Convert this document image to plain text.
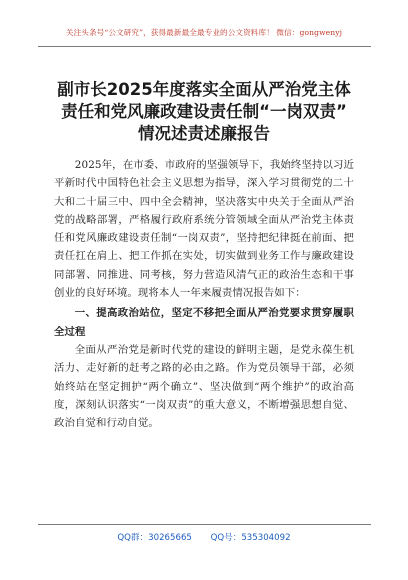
关注头条号“公文研究”，获得最新最全最专业的公文资料库！ 微信：gongwenyj
副市长2025年度落实全面从严治党主体
责任和党风廉政建设责任制“一岗双责”
情况述责述廉报告

2025年，在市委、市政府的坚强领导下，我始终坚持以习近平新时代中国特色社会主义思想为指导，深入学习贯彻党的二十大和二十届三中、四中全会精神，坚决落实中央关于全面从严治党的战略部署，严格履行政府系统分管领域全面从严治党主体责任和党风廉政建设责任制“一岗双责”，坚持把纪律挺在前面、把责任扛在肩上、把工作抓在实处，切实做到业务工作与廉政建设同部署、同推进、同考核，努力营造风清气正的政治生态和干事创业的良好环境。现将本人一年来履责情况报告如下：

一、提高政治站位，坚定不移把全面从严治党要求贯穿履职全过程

全面从严治党是新时代党的建设的鲜明主题，是党永葆生机活力、走好新的赶考之路的必由之路。作为党员领导干部，必须始终站在坚定拥护“两个确立”、坚决做到“两个维护”的政治高度，深刻认识落实“一岗双责”的重大意义，不断增强思想自觉、政治自觉和行动自觉。

QQ群：30265665 QQ号：535304092
